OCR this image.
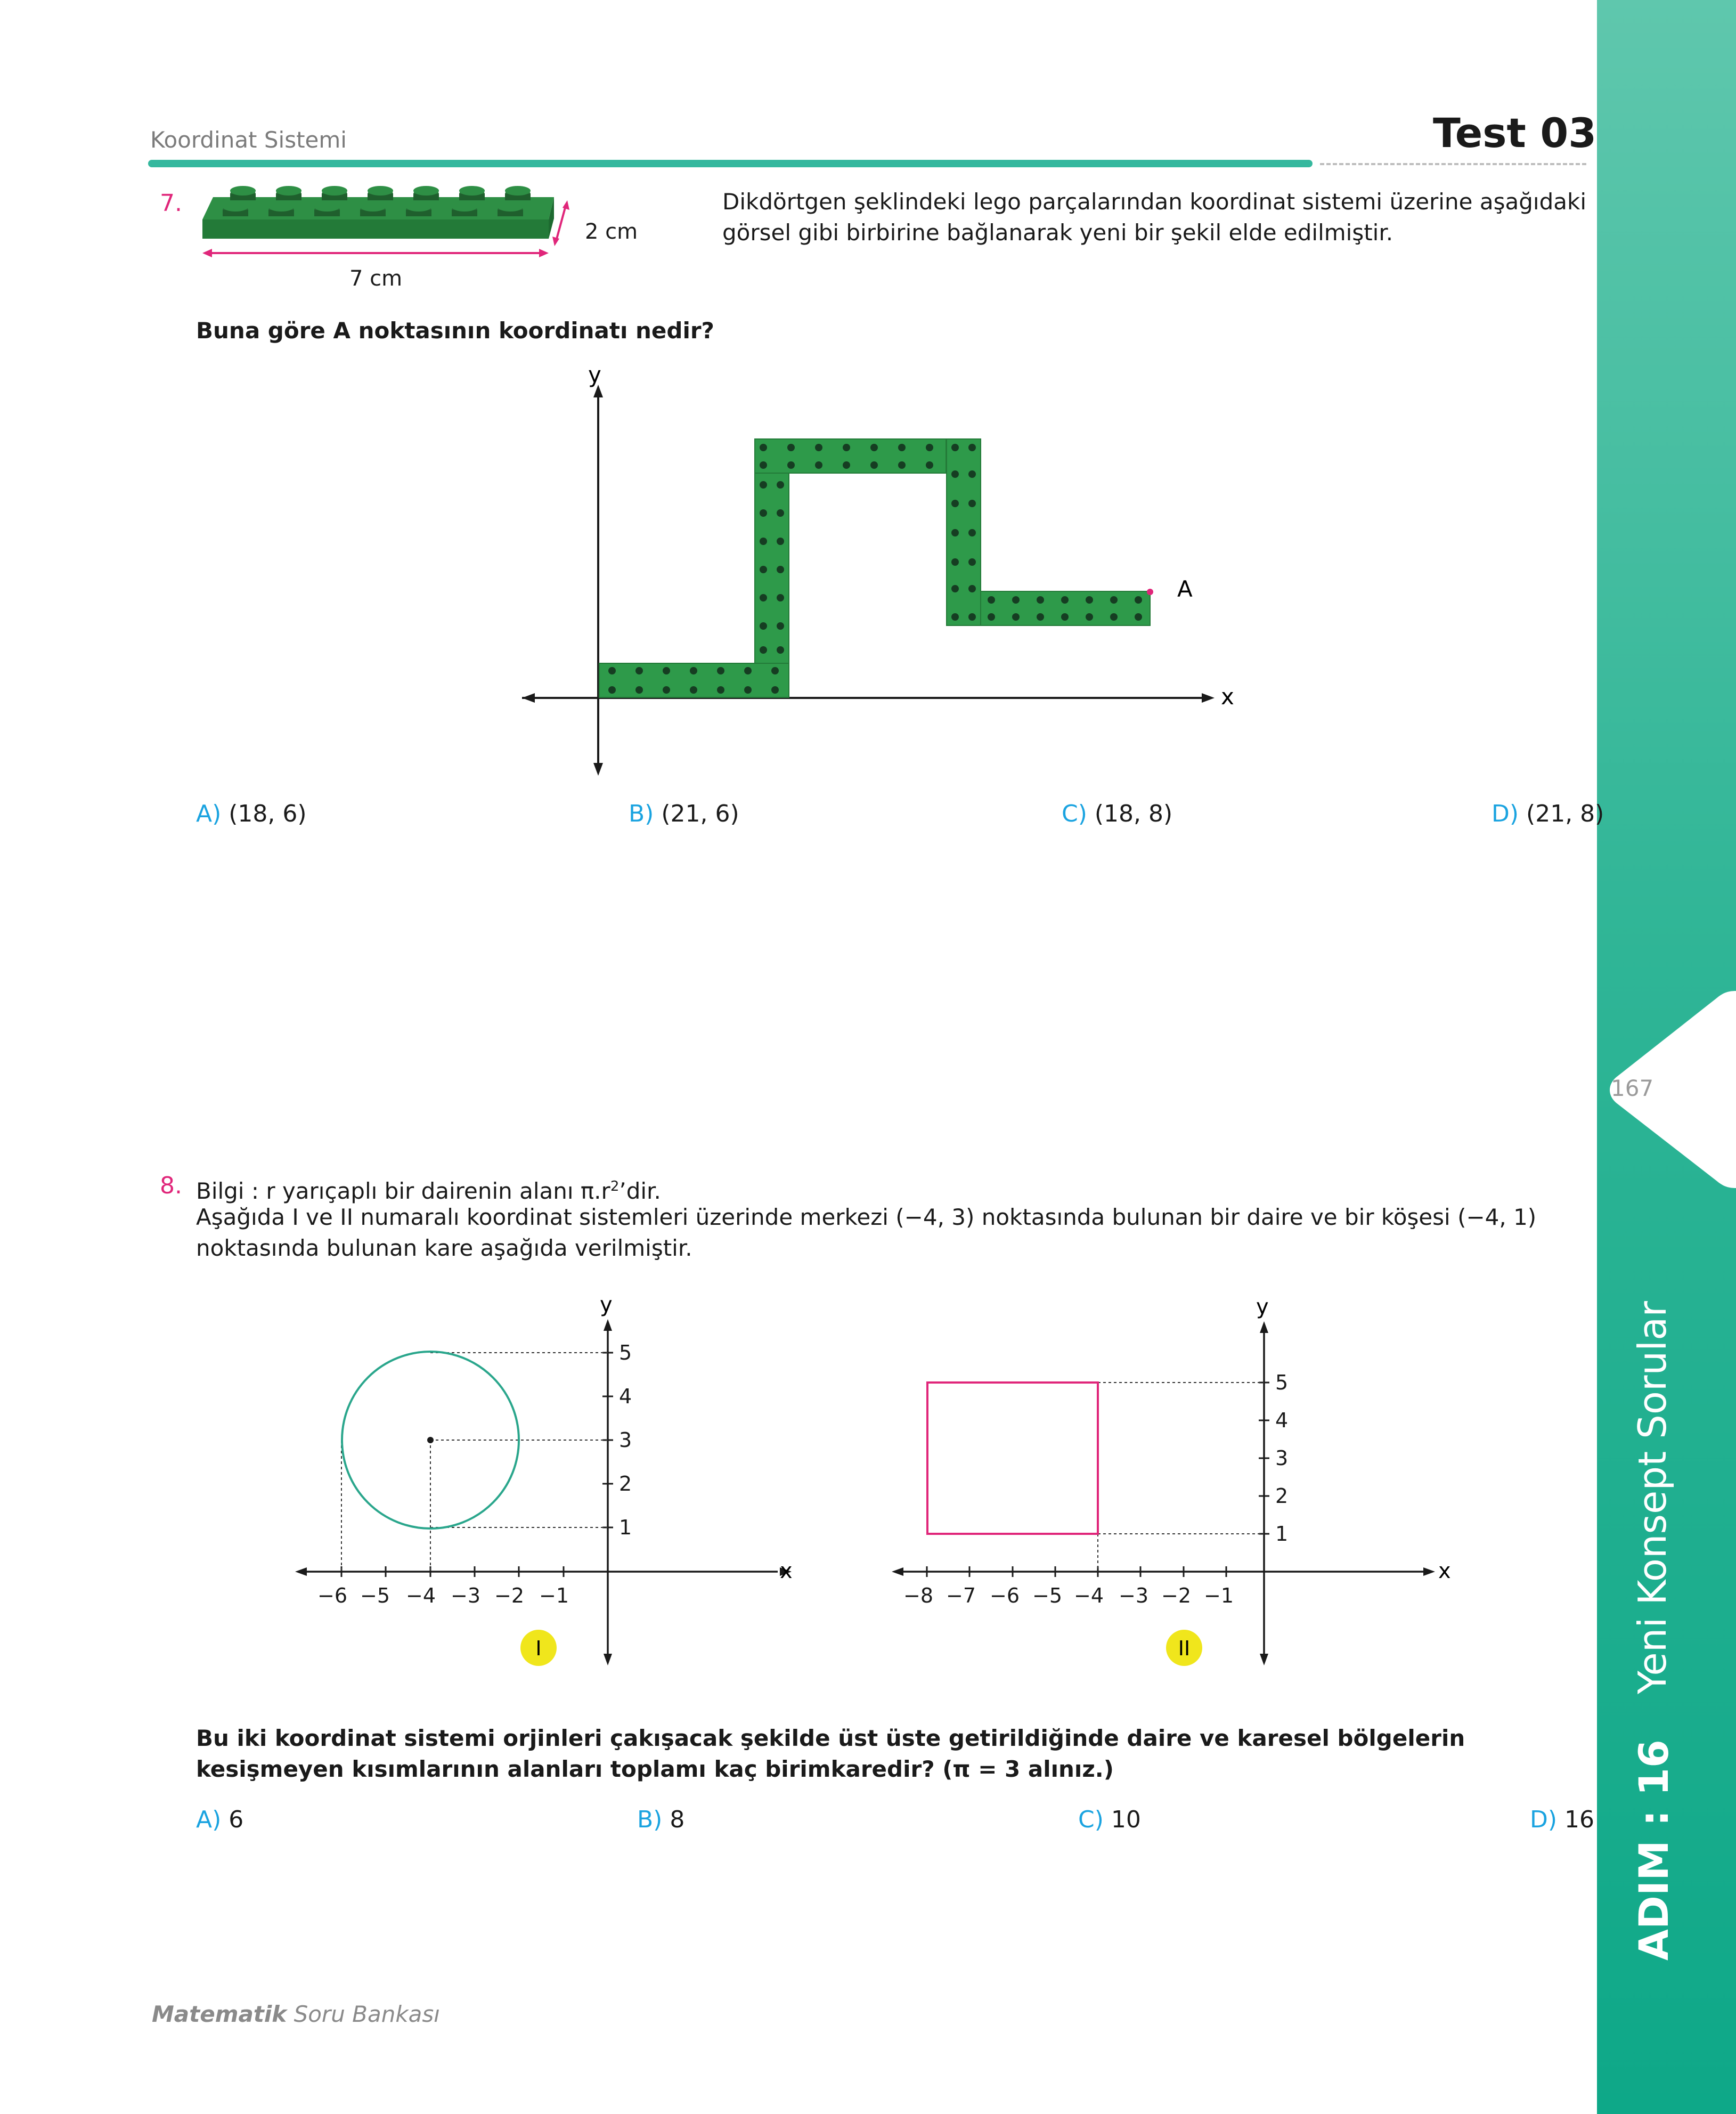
167
Yeni Konsept Sorular
ADIM : 16
Koordinat Sistemi	Test 03
7.
7 cm
2 cm
Dikdörtgen şeklindeki lego parçalarından koordinat sistemi üzerine aşağıdaki görsel gibi birbirine bağlanarak yeni bir şekil elde edilmiştir.
Buna göre A noktasının koordinatı nedir?
y
x
A
A) (18, 6)	B) (21, 6)	C) (18, 8)	D) (21, 8)
8. Bilgi : r yarıçaplı bir dairenin alanı $\pi.r^2’dir$.
Aşağıda I ve II numaralı koordinat sistemleri üzerinde merkezi (−4, 3) noktasında bulunan bir daire ve bir köşesi (−4, 1) noktasında bulunan kare aşağıda verilmiştir.
y
x
−6 −5 −4 −3 −2 −1
1
2
3
4
5
I
y
x
−8 −7 −6 −5 −4 −3 −2 −1
1
2
3
4
5
II
Bu iki koordinat sistemi orjinleri çakışacak şekilde üst üste getirildiğinde daire ve karesel bölgelerin kesişmeyen kısımlarının alanları toplamı kaç birimkaredir? (π = 3 alınız.)
A) 6	B) 8	C) 10	D) 16
Matematik Soru Bankası
